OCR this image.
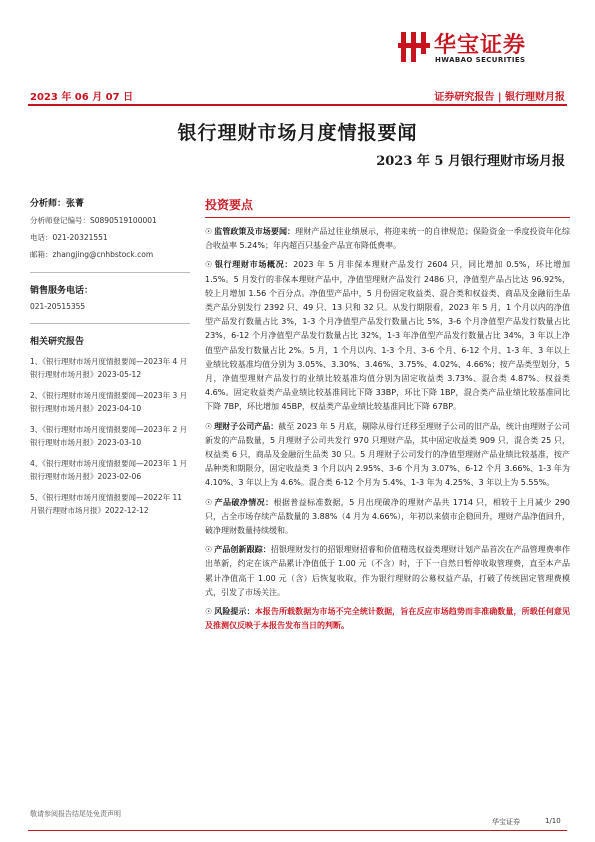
华宝证券
HWABAO SECURITIES
2023 年 06 月 07 日	证券研究报告 | 银行理财月报
银行理财市场月度情报要闻
2023 年 5 月银行理财市场月报
分析师：张菁
分析师登记编号：S0890519100001
电话：021-20321551
邮箱：zhangjing@cnhbstock.com
销售服务电话：
021-20515355
相关研究报告
1、《银行理财市场月度情报要闻—2023年 4 月银行理财市场月报》2023-05-12
2、《银行理财市场月度情报要闻—2023年 3 月银行理财市场月报》2023-04-10
3、《银行理财市场月度情报要闻—2023年 2 月银行理财市场月报》2023-03-10
4、《银行理财市场月度情报要闻—2023年 1 月银行理财市场月报》2023-02-06
5、《银行理财市场月度情报要闻—2022年 11 月银行理财市场月报》2022-12-12
投资要点

☉ 监管政策及市场要闻：理财产品过往业绩展示，将迎来统一的自律规范；保险资金一季度投资年化综合收益率 5.24%；年内超百只基金产品宣布降低费率。

☉ 银行理财市场概况：2023 年 5 月非保本理财产品发行 2604 只，同比增加 0.5%，环比增加 1.5%。5 月发行的非保本理财产品中，净值型理财产品发行 2486 只，净值型产品占比达 96.92%，较上月增加 1.56 个百分点。净值型产品中，5 月份固定收益类、混合类和权益类、商品及金融衍生品类产品分别发行 2392 只、49 只、13 只和 32 只。从发行期限看，2023 年 5 月，1 个月以内的净值型产品发行数量占比 3%，1-3 个月净值型产品发行数量占比 5%，3-6 个月净值型产品发行数量占比 23%，6-12 个月净值型产品发行数量占比 32%，1-3 年净值型产品发行数量占比 34%，3 年以上净值型产品发行数量占比 2%。5 月，1 个月以内、1-3 个月、3-6 个月、6-12 个月、1-3 年、3 年以上业绩比较基准均值分别为 3.05%、3.30%、3.46%、3.75%、4.02%、4.66%；按产品类型划分，5 月，净值型理财产品发行的业绩比较基准均值分别为固定收益类 3.73%、混合类 4.87%、权益类 4.6%。固定收益类产品业绩比较基准同比下降 33BP，环比下降 1BP，混合类产品业绩比较基准同比下降 7BP，环比增加 45BP，权益类产品业绩比较基准同比下降 67BP。

☉ 理财子公司产品：截至 2023 年 5 月底，剔除从母行迁移至理财子公司的旧产品，统计由理财子公司新发的产品数量，5 月理财子公司共发行 970 只理财产品，其中固定收益类 909 只，混合类 25 只，权益类 6 只，商品及金融衍生品类 30 只。5 月理财子公司发行的净值型理财产品业绩比较基准，按产品种类和期限分，固定收益类 3 个月以内 2.95%、3-6 个月为 3.07%、6-12 个月 3.66%、1-3 年为 4.10%、3 年以上为 4.6%。混合类 6-12 个月为 5.4%、1-3 年为 4.25%、3 年以上为 5.55%。

☉ 产品破净情况：根据普益标准数据，5 月出现破净的理财产品共 1714 只，相较于上月减少 290 只，占全市场存续产品数量的 3.88%（4 月为 4.66%），年初以来债市企稳回升，理财产品净值回升，破净理财数量持续缓和。

☉ 产品创新跟踪：招银理财发行的招银理财招睿和价值精选权益类理财计划产品首次在产品管理费率作出革新，约定在该产品累计净值低于 1.00 元（不含）时，于下一自然日暂停收取管理费，直至本产品累计净值高于 1.00 元（含）后恢复收取，作为银行理财的公募权益产品，打破了传统固定管理费模式，引发了市场关注。

☉ 风险提示：本报告所载数据为市场不完全统计数据，旨在反应市场趋势而非准确数量，所载任何意见及推测仅反映于本报告发布当日的判断。

敬请参阅报告结尾处免责声明
华宝证券	1/10
